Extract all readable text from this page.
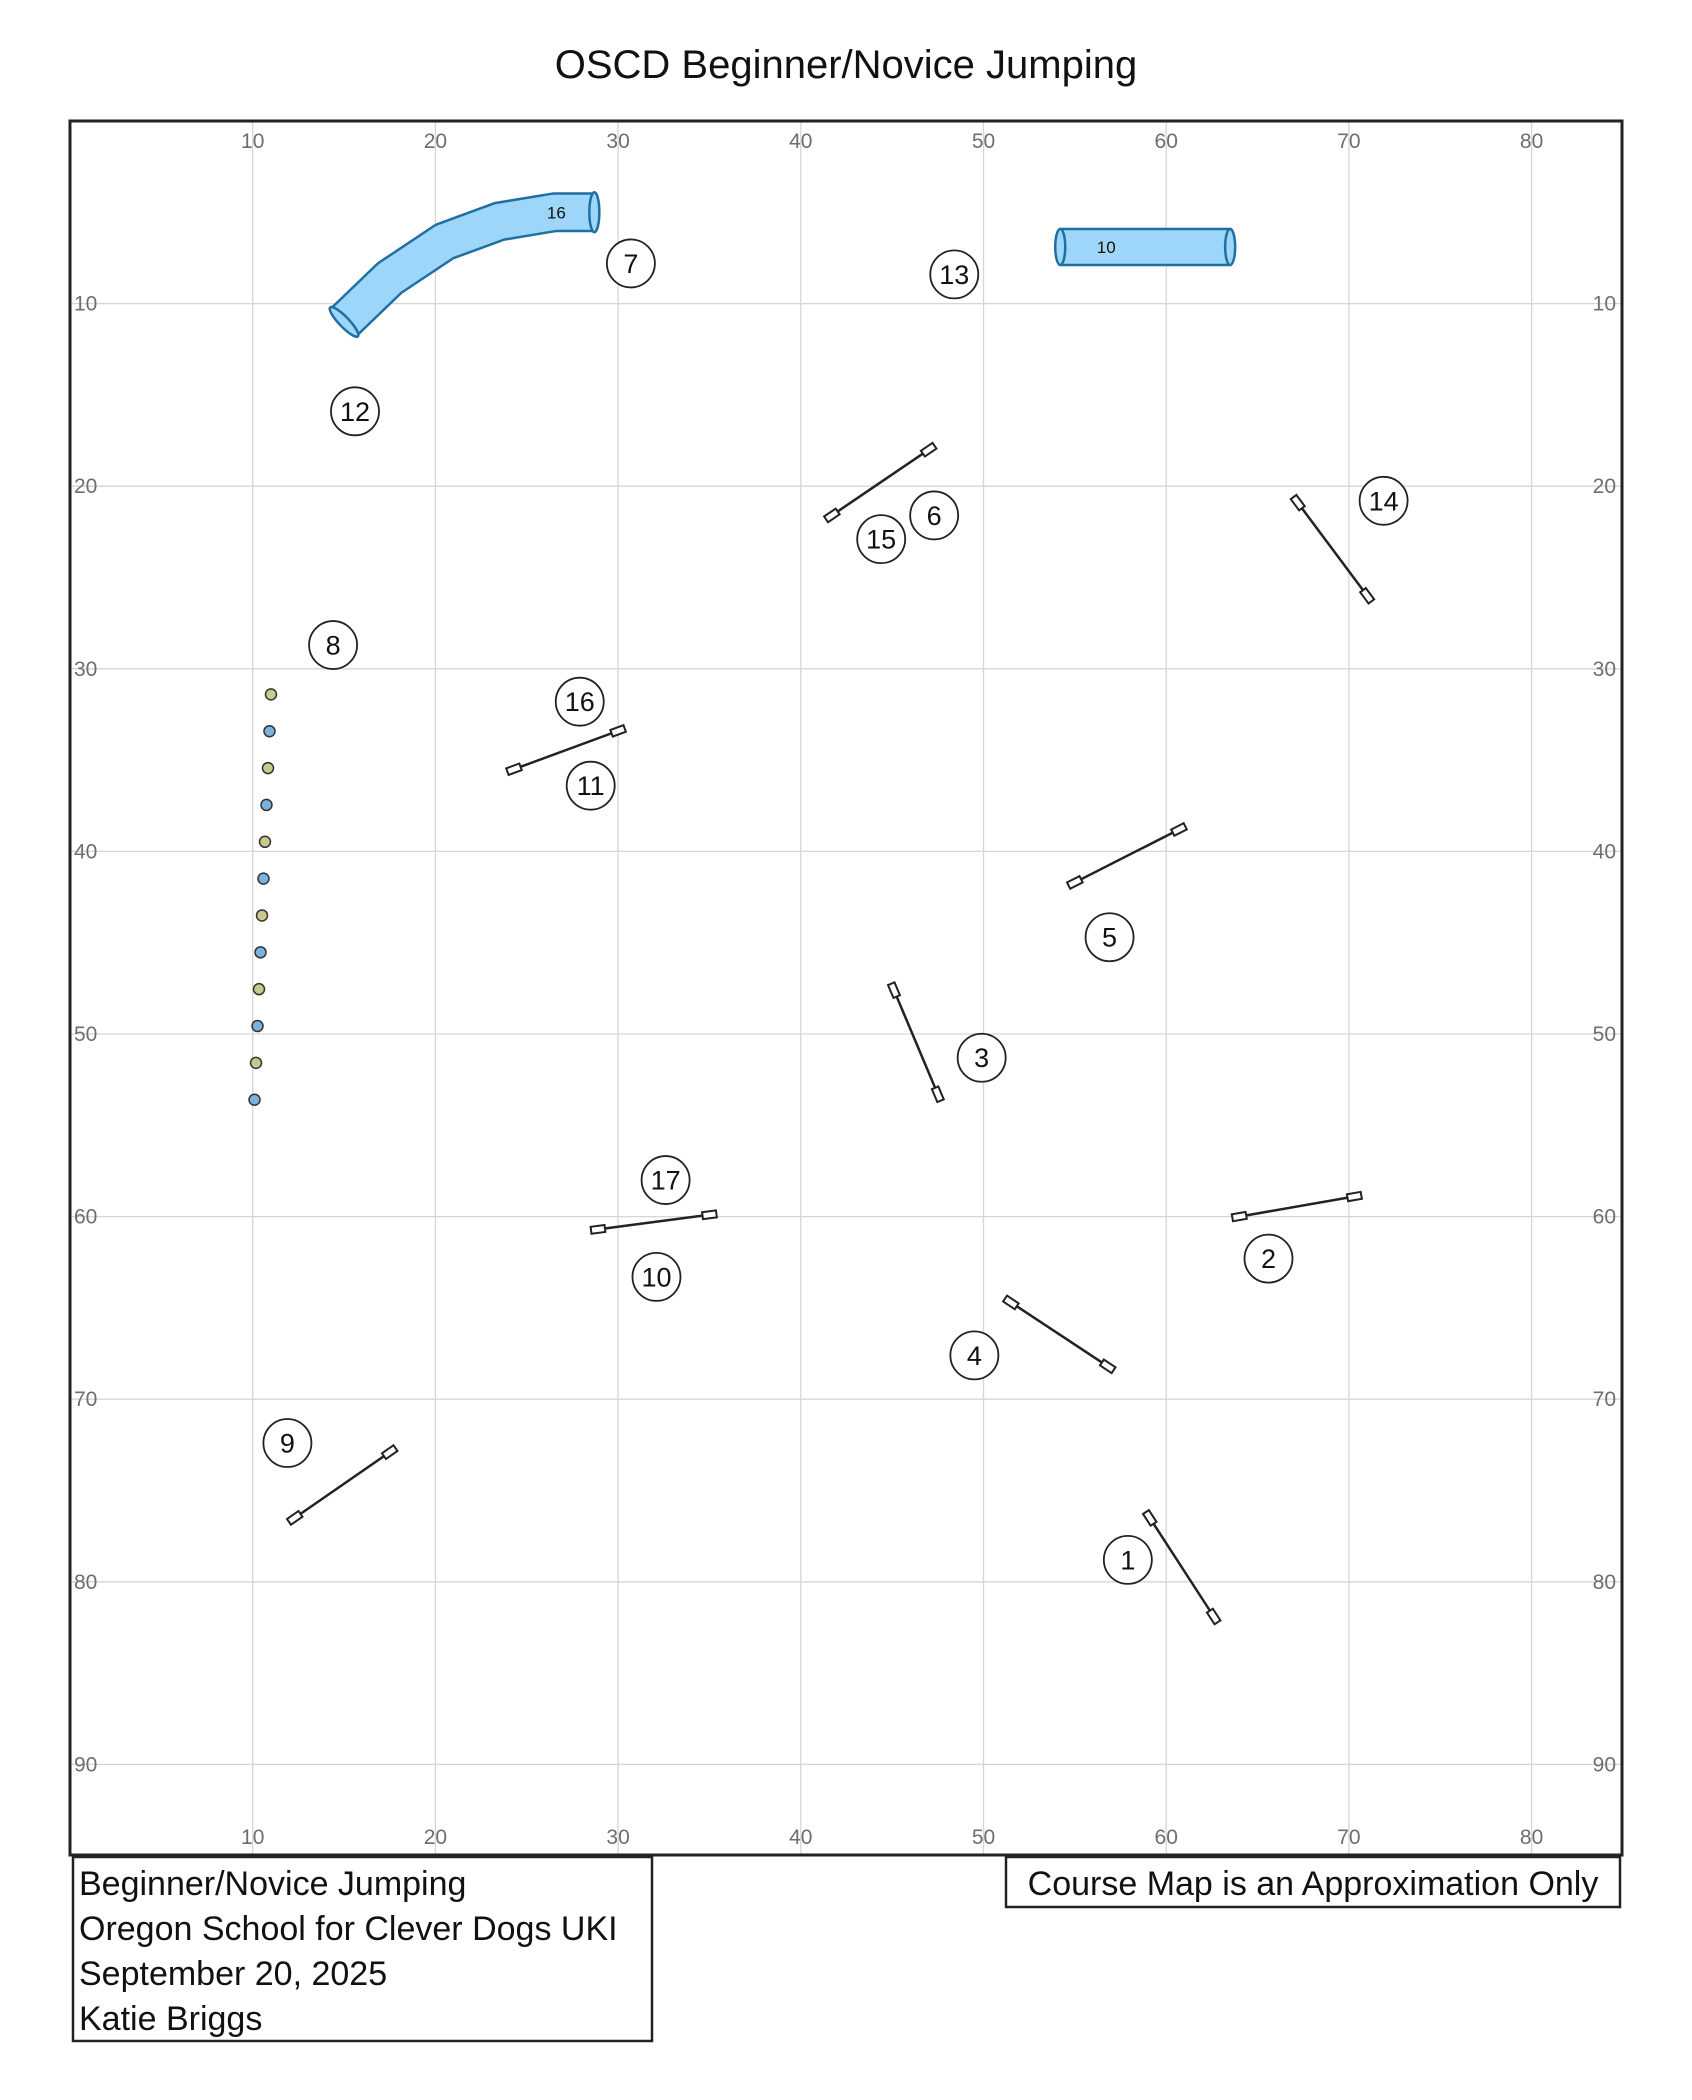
OSCD Beginner/Novice Jumping
10
10
20
20
30
30
40
40
50
50
60
60
70
70
80
80
10	10
20	20
30	30
40	40
50	50
60	60
70	70
80	80
90	90
16
10
1
2
3
4
5
6
7
8
9
10
11
12
13
14
15
16
17
Beginner/Novice Jumping
Oregon School for Clever Dogs UKI
September 20, 2025
Katie Briggs
Course Map is an Approximation Only
